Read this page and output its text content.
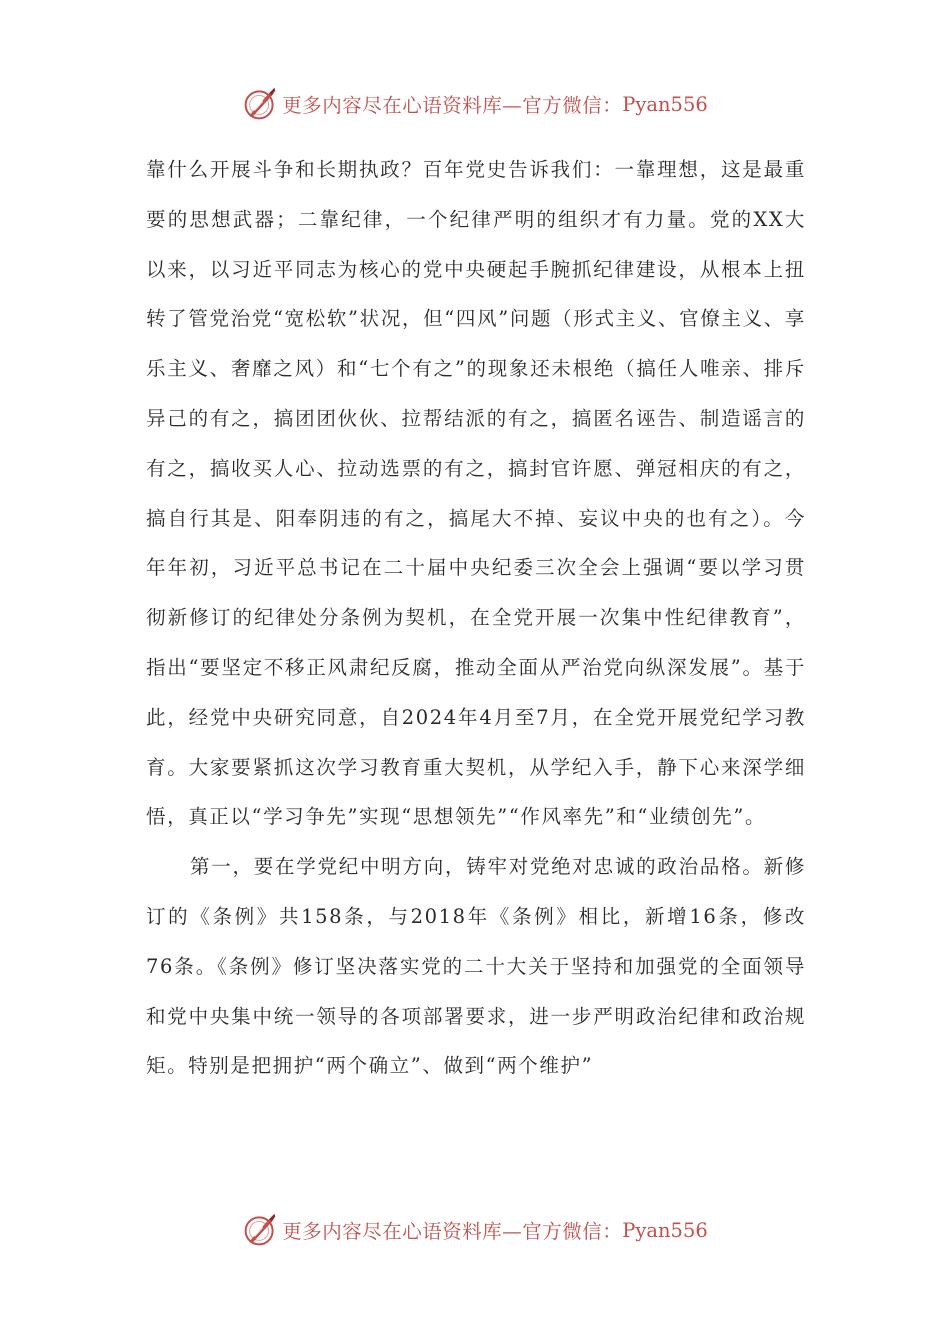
更多内容尽在心语资料库—官方微信： Pyan556

靠什么开展斗争和长期执政？百年党史告诉我们：一靠理想，这是最重要的思想武器；二靠纪律，一个纪律严明的组织才有力量。党的XX大以来，以习近平同志为核心的党中央硬起手腕抓纪律建设，从根本上扭转了管党治党“宽松软”状况，但“四风”问题（形式主义、官僚主义、享乐主义、奢靡之风）和“七个有之”的现象还未根绝（搞任人唯亲、排斥异己的有之，搞团团伙伙、拉帮结派的有之，搞匿名诬告、制造谣言的有之，搞收买人心、拉动选票的有之，搞封官许愿、弹冠相庆的有之，搞自行其是、阳奉阴违的有之，搞尾大不掉、妄议中央的也有之）。今年年初，习近平总书记在二十届中央纪委三次全会上强调“要以学习贯彻新修订的纪律处分条例为契机，在全党开展一次集中性纪律教育”，指出“要坚定不移正风肃纪反腐，推动全面从严治党向纵深发展”。基于此，经党中央研究同意，自2024年4月至7月，在全党开展党纪学习教育。大家要紧抓这次学习教育重大契机，从学纪入手，静下心来深学细悟，真正以“学习争先”实现“思想领先”“作风率先”和“业绩创先”。

第一，要在学党纪中明方向，铸牢对党绝对忠诚的政治品格。新修订的《条例》共158条，与2018年《条例》相比，新增16条，修改76条。《条例》修订坚决落实党的二十大关于坚持和加强党的全面领导和党中央集中统一领导的各项部署要求，进一步严明政治纪律和政治规矩。特别是把拥护“两个确立”、做到“两个维护”

更多内容尽在心语资料库—官方微信： Pyan556
